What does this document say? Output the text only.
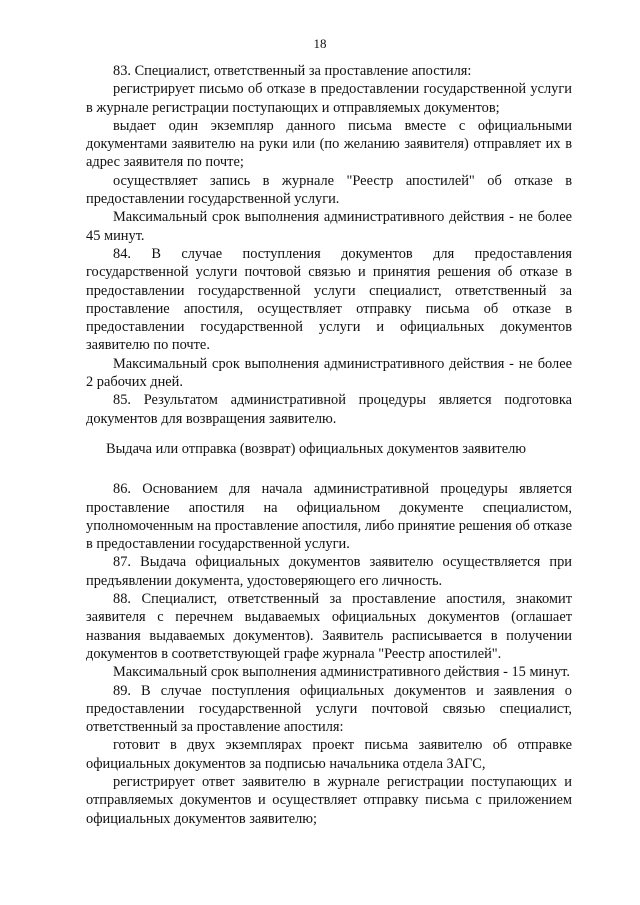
18

83. Специалист, ответственный за проставление апостиля:

регистрирует письмо об отказе в предоставлении государственной услуги в журнале регистрации поступающих и отправляемых документов;

выдает один экземпляр данного письма вместе с официальными документами заявителю на руки или (по желанию заявителя) отправляет их в адрес заявителя по почте;

осуществляет запись в журнале "Реестр апостилей" об отказе в предоставлении государственной услуги.

Максимальный срок выполнения административного действия - не более 45 минут.

84. В случае поступления документов для предоставления государственной услуги почтовой связью и принятия решения об отказе в предоставлении государственной услуги специалист, ответственный за проставление апостиля, осуществляет отправку письма об отказе в предоставлении государственной услуги и официальных документов заявителю по почте.

Максимальный срок выполнения административного действия - не более 2 рабочих дней.

85. Результатом административной процедуры является подготовка документов для возвращения заявителю.

Выдача или отправка (возврат) официальных документов заявителю

86. Основанием для начала административной процедуры является проставление апостиля на официальном документе специалистом, уполномоченным на проставление апостиля, либо принятие решения об отказе в предоставлении государственной услуги.

87. Выдача официальных документов заявителю осуществляется при предъявлении документа, удостоверяющего его личность.

88. Специалист, ответственный за проставление апостиля, знакомит заявителя с перечнем выдаваемых официальных документов (оглашает названия выдаваемых документов). Заявитель расписывается в получении документов в соответствующей графе журнала "Реестр апостилей".

Максимальный срок выполнения административного действия - 15 минут.

89. В случае поступления официальных документов и заявления о предоставлении государственной услуги почтовой связью специалист, ответственный за проставление апостиля:

готовит в двух экземплярах проект письма заявителю об отправке официальных документов за подписью начальника отдела ЗАГС,

регистрирует ответ заявителю в журнале регистрации поступающих и отправляемых документов и осуществляет отправку письма с приложением официальных документов заявителю;
